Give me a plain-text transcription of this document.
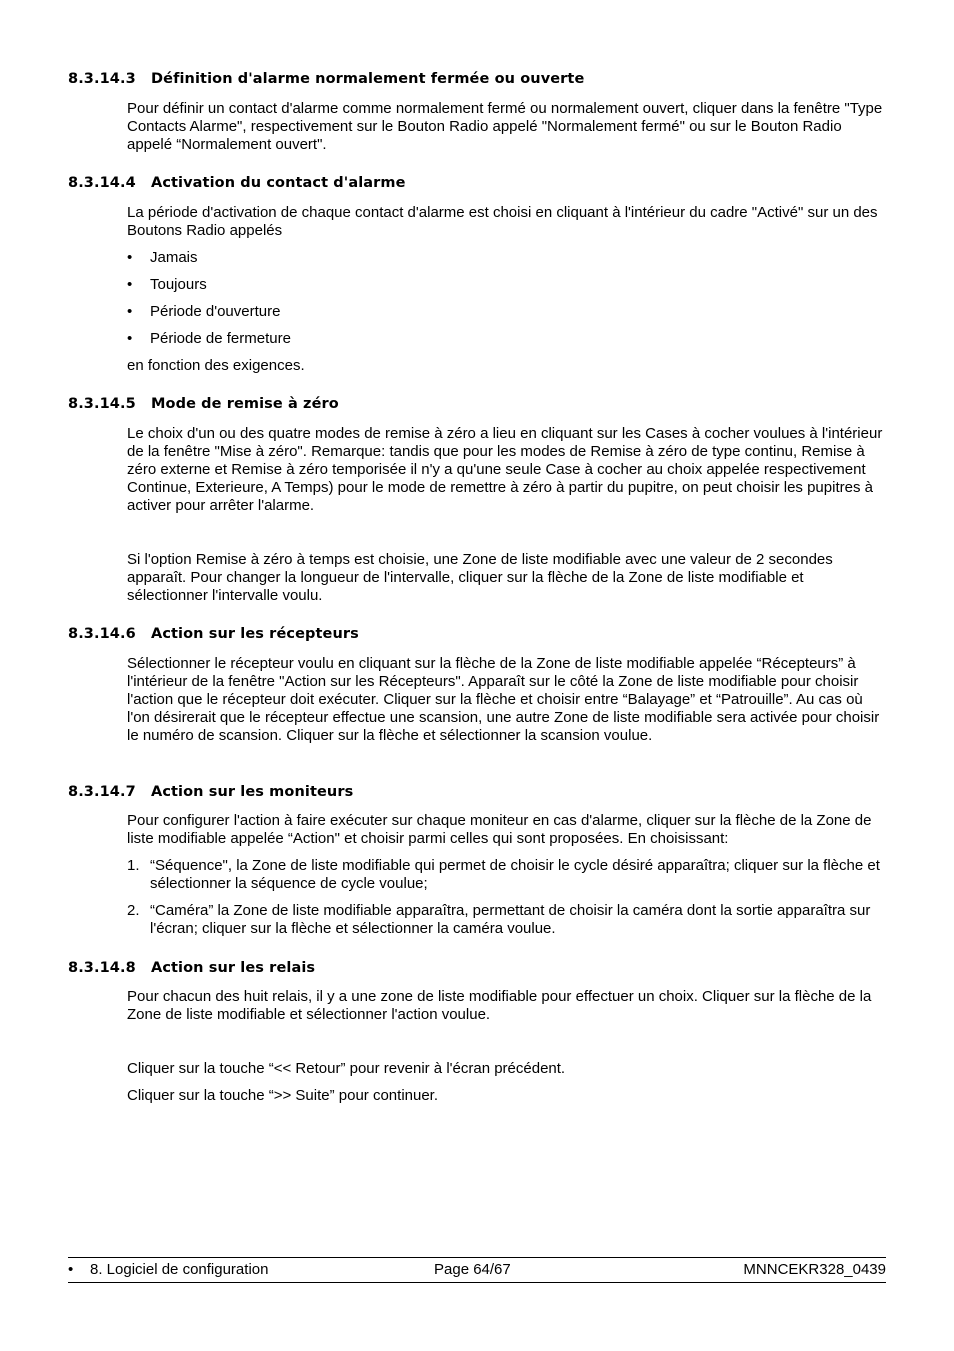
8.3.14.3 Définition d'alarme normalement fermée ou ouverte

Pour définir un contact d'alarme comme normalement fermé ou normalement ouvert, cliquer dans la fenêtre "Type Contacts Alarme", respectivement sur le Bouton Radio appelé "Normalement fermé" ou sur le Bouton Radio appelé “Normalement ouvert".

8.3.14.4 Activation du contact d'alarme

La période d'activation de chaque contact d'alarme est choisi en cliquant à l'intérieur du cadre "Activé" sur un des Boutons Radio appelés

• Jamais
• Toujours
• Période d'ouverture
• Période de fermeture

en fonction des exigences.

8.3.14.5 Mode de remise à zéro

Le choix d'un ou des quatre modes de remise à zéro a lieu en cliquant sur les Cases à cocher voulues à l'intérieur de la fenêtre "Mise à zéro". Remarque: tandis que pour les modes de Remise à zéro de type continu, Remise à zéro externe et Remise à zéro temporisée il n'y a qu'une seule Case à cocher au choix appelée respectivement Continue, Exterieure, A Temps) pour le mode de remettre à zéro à partir du pupitre, on peut choisir les pupitres à activer pour arrêter l'alarme.

Si l'option Remise à zéro à temps est choisie, une Zone de liste modifiable avec une valeur de 2 secondes apparaît. Pour changer la longueur de l'intervalle, cliquer sur la flèche de la Zone de liste modifiable et sélectionner l'intervalle voulu.

8.3.14.6 Action sur les récepteurs

Sélectionner le récepteur voulu en cliquant sur la flèche de la Zone de liste modifiable appelée “Récepteurs” à l'intérieur de la fenêtre "Action sur les Récepteurs". Apparaît sur le côté la Zone de liste modifiable pour choisir l'action que le récepteur doit exécuter. Cliquer sur la flèche et choisir entre “Balayage” et “Patrouille”. Au cas où l'on désirerait que le récepteur effectue une scansion, une autre Zone de liste modifiable sera activée pour choisir le numéro de scansion. Cliquer sur la flèche et sélectionner la scansion voulue.

8.3.14.7 Action sur les moniteurs

Pour configurer l'action à faire exécuter sur chaque moniteur en cas d'alarme, cliquer sur la flèche de la Zone de liste modifiable appelée “Action" et choisir parmi celles qui sont proposées. En choisissant:

1. “Séquence", la Zone de liste modifiable qui permet de choisir le cycle désiré apparaîtra; cliquer sur la flèche et sélectionner la séquence de cycle voulue;
2. “Caméra” la Zone de liste modifiable apparaîtra, permettant de choisir la caméra dont la sortie apparaîtra sur l'écran; cliquer sur la flèche et sélectionner la caméra voulue.
8.3.14.8 Action sur les relais

Pour chacun des huit relais, il y a une zone de liste modifiable pour effectuer un choix. Cliquer sur la flèche de la Zone de liste modifiable et sélectionner l'action voulue.

Cliquer sur la touche “<< Retour” pour revenir à l'écran précédent.

Cliquer sur la touche “>> Suite” pour continuer.

• 8. Logiciel de configuration	Page 64/67	MNNCEKR328_0439
